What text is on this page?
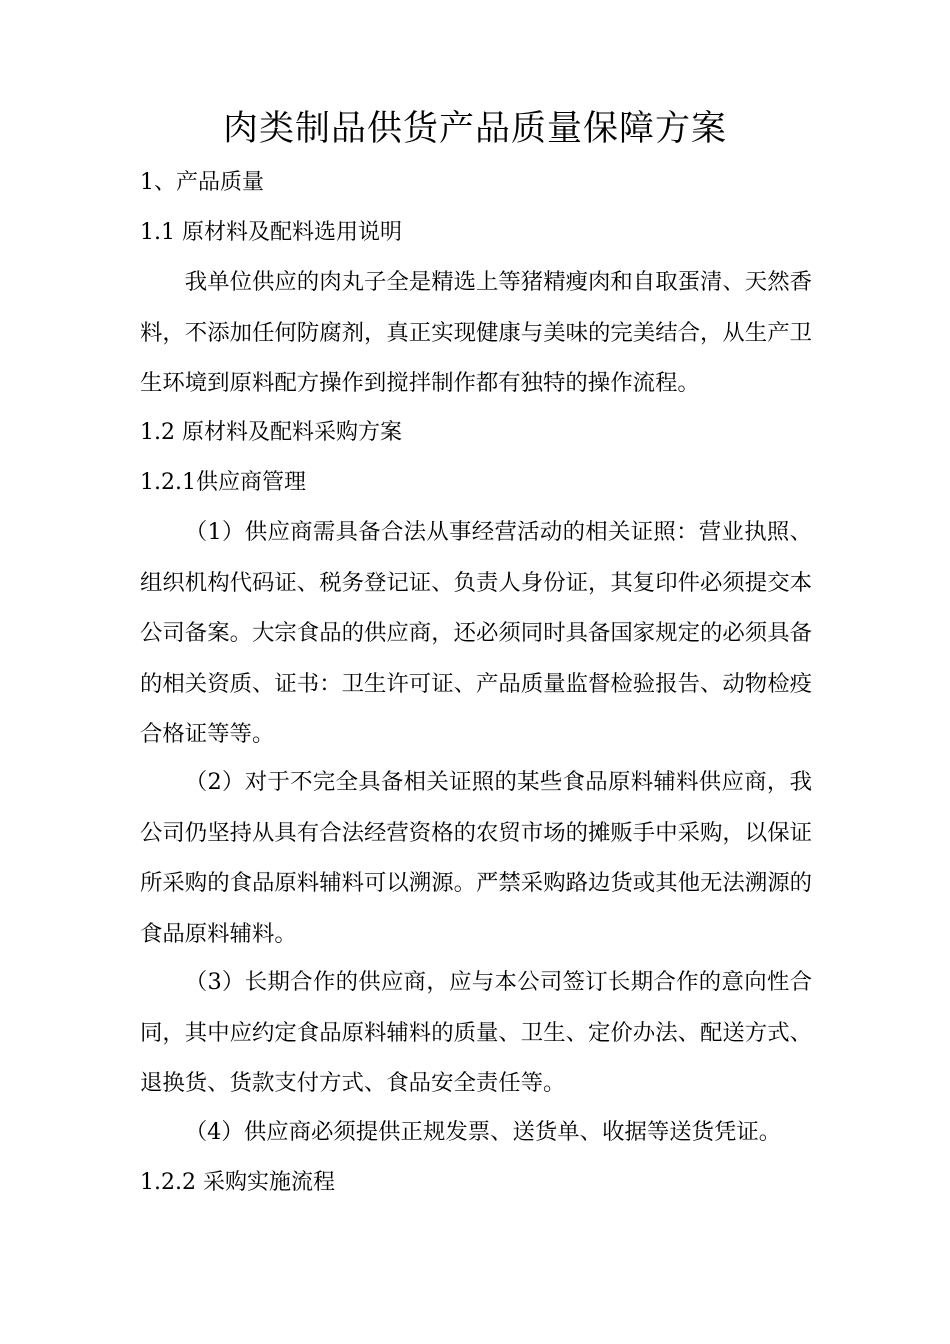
肉类制品供货产品质量保障方案
1、产品质量
1.1 原材料及配料选用说明

我单位供应的肉丸子全是精选上等猪精瘦肉和自取蛋清、天然香料，不添加任何防腐剂，真正实现健康与美味的完美结合，从生产卫生环境到原料配方操作到搅拌制作都有独特的操作流程。

1.2 原材料及配料采购方案
1.2.1供应商管理

（1）供应商需具备合法从事经营活动的相关证照：营业执照、组织机构代码证、税务登记证、负责人身份证，其复印件必须提交本公司备案。大宗食品的供应商，还必须同时具备国家规定的必须具备的相关资质、证书：卫生许可证、产品质量监督检验报告、动物检疫合格证等等。

（2）对于不完全具备相关证照的某些食品原料辅料供应商，我公司仍坚持从具有合法经营资格的农贸市场的摊贩手中采购，以保证所采购的食品原料辅料可以溯源。严禁采购路边货或其他无法溯源的食品原料辅料。

（3）长期合作的供应商，应与本公司签订长期合作的意向性合同，其中应约定食品原料辅料的质量、卫生、定价办法、配送方式、退换货、货款支付方式、食品安全责任等。

（4）供应商必须提供正规发票、送货单、收据等送货凭证。

1.2.2 采购实施流程
